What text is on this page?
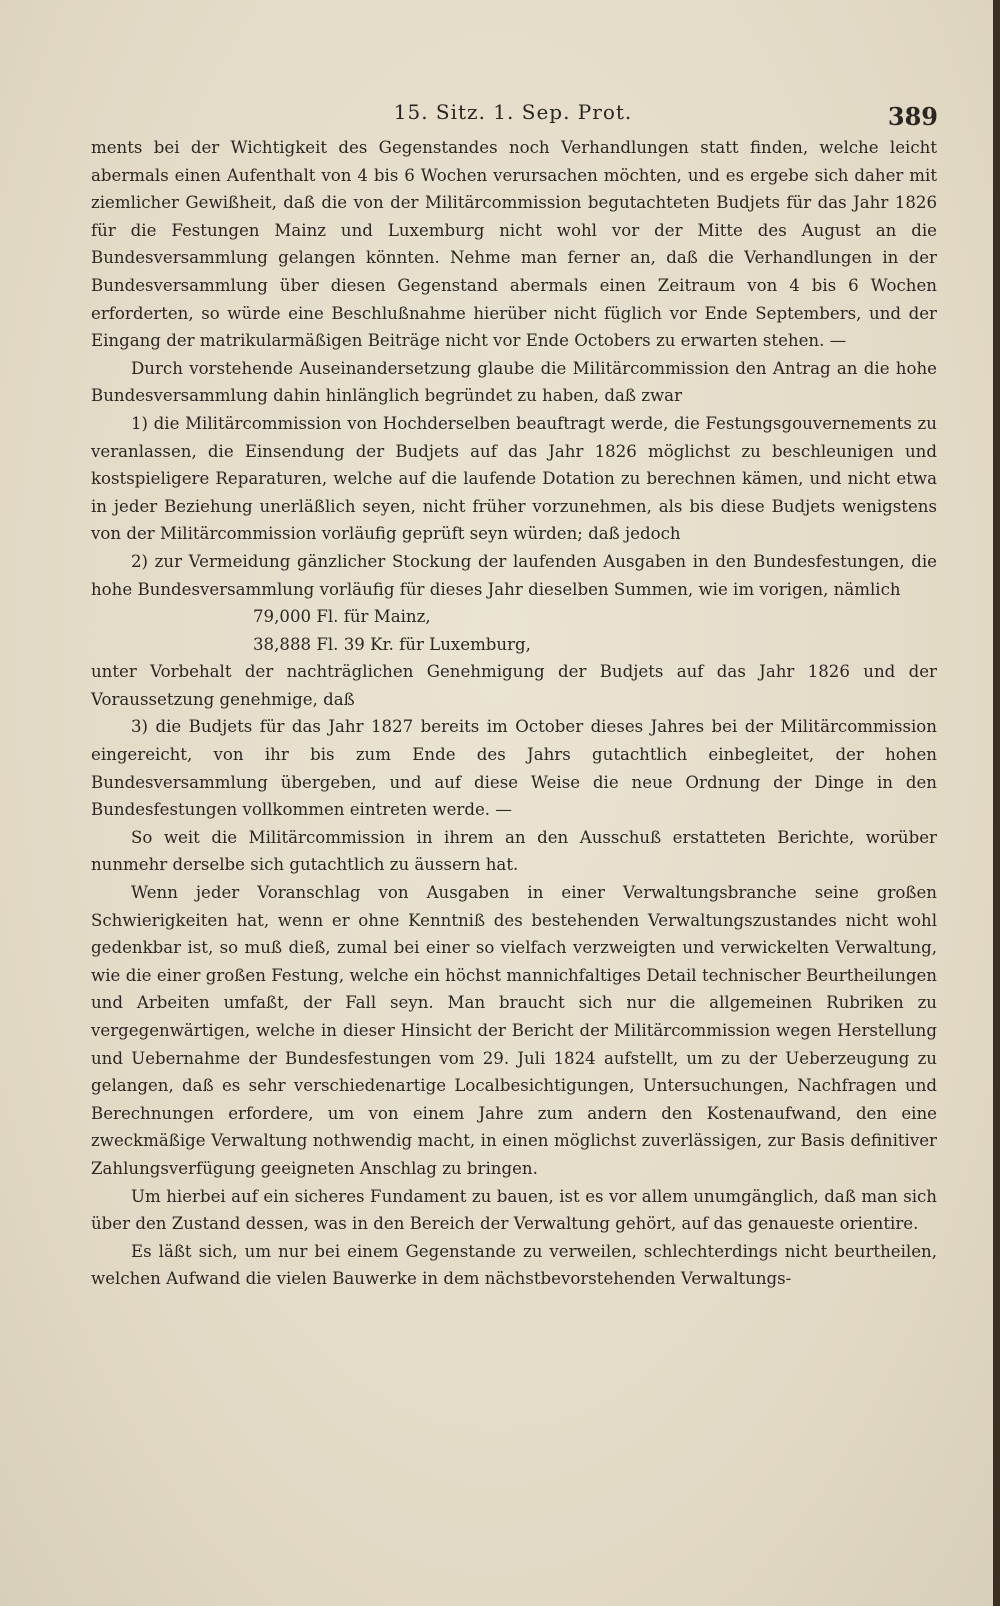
15. Sitz. 1. Sep. Prot.	389

ments bei der Wichtigkeit des Gegenstandes noch Verhandlungen statt finden, welche leicht abermals einen Aufenthalt von 4 bis 6 Wochen verursachen möchten, und es ergebe sich daher mit ziemlicher Gewißheit, daß die von der Militärcommission begutachteten Budjets für das Jahr 1826 für die Festungen Mainz und Luxemburg nicht wohl vor der Mitte des August an die Bundesversammlung gelangen könnten. Nehme man ferner an, daß die Verhandlungen in der Bundesversammlung über diesen Gegenstand abermals einen Zeitraum von 4 bis 6 Wochen erforderten, so würde eine Beschlußnahme hierüber nicht füglich vor Ende Septembers, und der Eingang der matrikularmäßigen Beiträge nicht vor Ende Octobers zu erwarten stehen. —

Durch vorstehende Auseinandersetzung glaube die Militärcommission den Antrag an die hohe Bundesversammlung dahin hinlänglich begründet zu haben, daß zwar

1) die Militärcommission von Hochderselben beauftragt werde, die Festungsgouvernements zu veranlassen, die Einsendung der Budjets auf das Jahr 1826 möglichst zu beschleunigen und kostspieligere Reparaturen, welche auf die laufende Dotation zu berechnen kämen, und nicht etwa in jeder Beziehung unerläßlich seyen, nicht früher vorzunehmen, als bis diese Budjets wenigstens von der Militärcommission vorläufig geprüft seyn würden; daß jedoch

2) zur Vermeidung gänzlicher Stockung der laufenden Ausgaben in den Bundesfestungen, die hohe Bundesversammlung vorläufig für dieses Jahr dieselben Summen, wie im vorigen, nämlich

79,000 Fl. für Mainz,

38,888 Fl. 39 Kr. für Luxemburg,

unter Vorbehalt der nachträglichen Genehmigung der Budjets auf das Jahr 1826 und der Voraussetzung genehmige, daß

3) die Budjets für das Jahr 1827 bereits im October dieses Jahres bei der Militärcommission eingereicht, von ihr bis zum Ende des Jahrs gutachtlich einbegleitet, der hohen Bundesversammlung übergeben, und auf diese Weise die neue Ordnung der Dinge in den Bundesfestungen vollkommen eintreten werde. —

So weit die Militärcommission in ihrem an den Ausschuß erstatteten Berichte, worüber nunmehr derselbe sich gutachtlich zu äussern hat.

Wenn jeder Voranschlag von Ausgaben in einer Verwaltungsbranche seine großen Schwierigkeiten hat, wenn er ohne Kenntniß des bestehenden Verwaltungszustandes nicht wohl gedenkbar ist, so muß dieß, zumal bei einer so vielfach verzweigten und verwickelten Verwaltung, wie die einer großen Festung, welche ein höchst mannichfaltiges Detail technischer Beurtheilungen und Arbeiten umfaßt, der Fall seyn. Man braucht sich nur die allgemeinen Rubriken zu vergegenwärtigen, welche in dieser Hinsicht der Bericht der Militärcommission wegen Herstellung und Uebernahme der Bundesfestungen vom 29. Juli 1824 aufstellt, um zu der Ueberzeugung zu gelangen, daß es sehr verschiedenartige Localbesichtigungen, Untersuchungen, Nachfragen und Berechnungen erfordere, um von einem Jahre zum andern den Kostenaufwand, den eine zweckmäßige Verwaltung nothwendig macht, in einen möglichst zuverlässigen, zur Basis definitiver Zahlungsverfügung geeigneten Anschlag zu bringen.

Um hierbei auf ein sicheres Fundament zu bauen, ist es vor allem unumgänglich, daß man sich über den Zustand dessen, was in den Bereich der Verwaltung gehört, auf das genaueste orientire.

Es läßt sich, um nur bei einem Gegenstande zu verweilen, schlechterdings nicht beurtheilen, welchen Aufwand die vielen Bauwerke in dem nächstbevorstehenden Verwaltungs-
